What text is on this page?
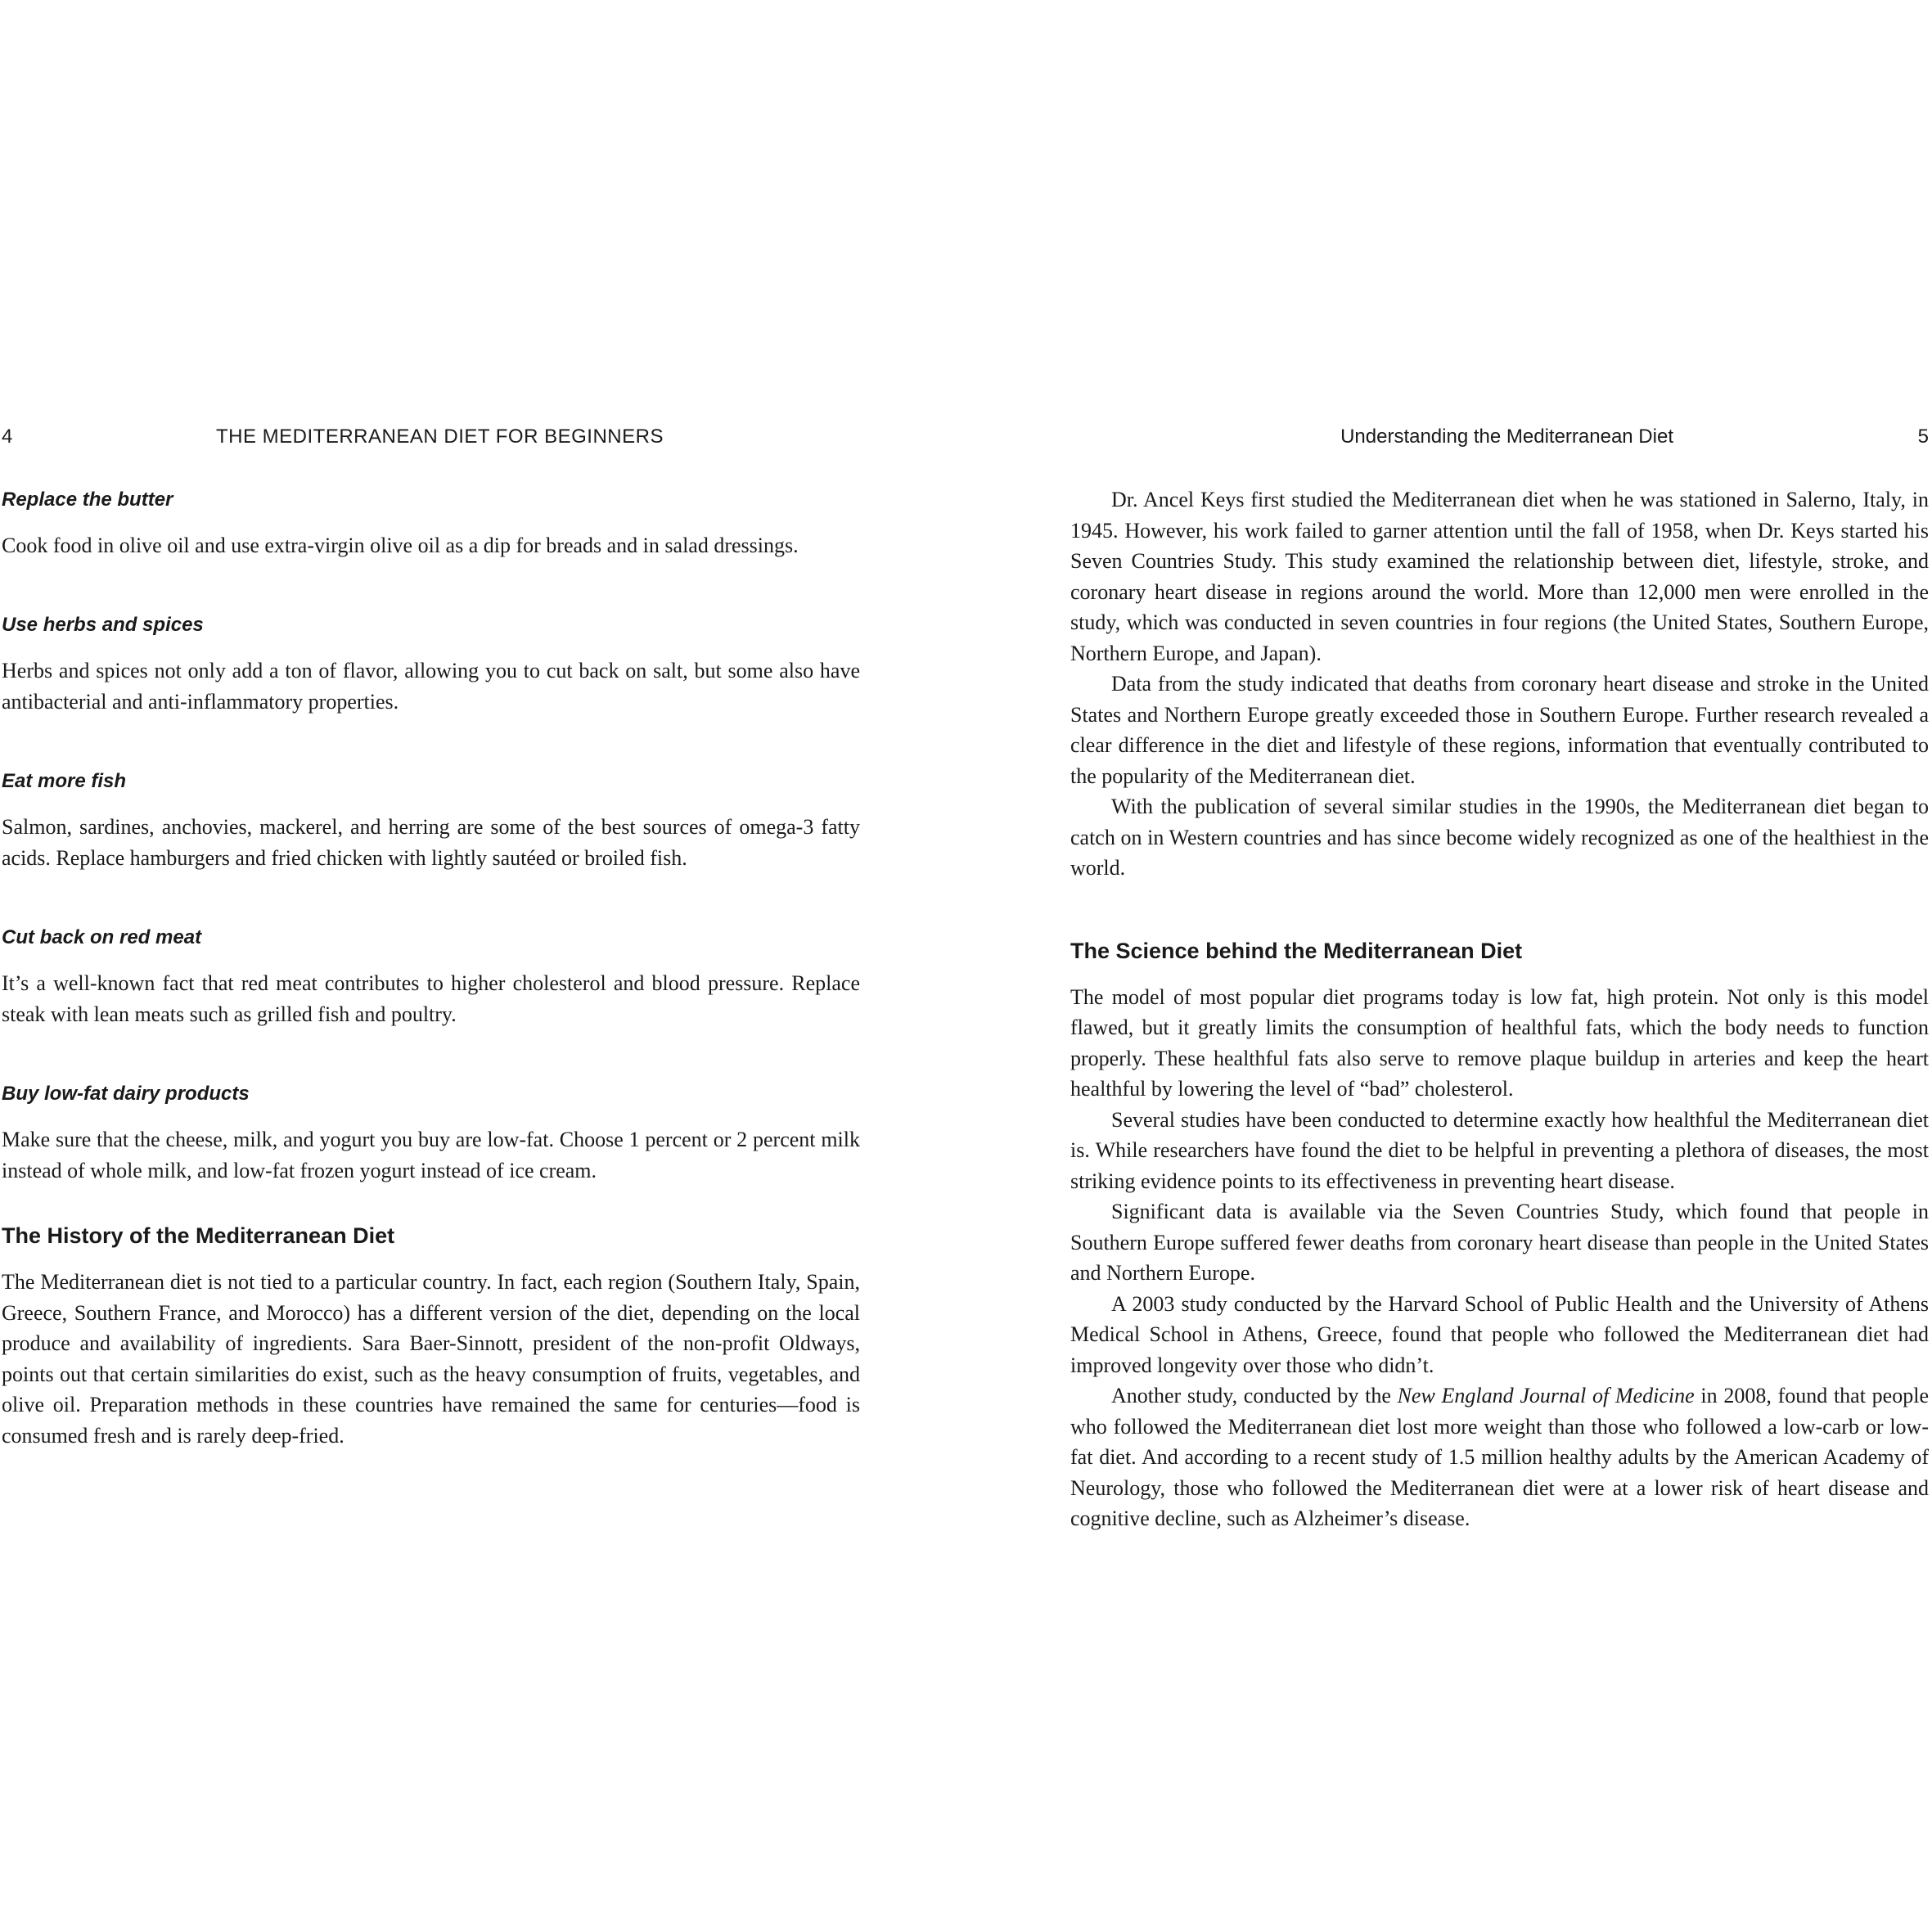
4	THE MEDITERRANEAN DIET FOR BEGINNERS
Replace the butter

Cook food in olive oil and use extra-virgin olive oil as a dip for breads and in salad dressings.

Use herbs and spices

Herbs and spices not only add a ton of flavor, allowing you to cut back on salt, but some also have antibacterial and anti-inflammatory properties.

Eat more fish

Salmon, sardines, anchovies, mackerel, and herring are some of the best sources of omega-3 fatty acids. Replace hamburgers and fried chicken with lightly sautéed or broiled fish.

Cut back on red meat

It’s a well-known fact that red meat contributes to higher cholesterol and blood pressure. Replace steak with lean meats such as grilled fish and poultry.

Buy low-fat dairy products

Make sure that the cheese, milk, and yogurt you buy are low-fat. Choose 1 percent or 2 percent milk instead of whole milk, and low-fat frozen yogurt instead of ice cream.

The History of the Mediterranean Diet

The Mediterranean diet is not tied to a particular country. In fact, each region (Southern Italy, Spain, Greece, Southern France, and Morocco) has a different version of the diet, depending on the local produce and availability of ingredients. Sara Baer-Sinnott, president of the non-profit Oldways, points out that certain similarities do exist, such as the heavy consumption of fruits, vegetables, and olive oil. Preparation methods in these countries have remained the same for centuries—food is consumed fresh and is rarely deep-fried.

Understanding the Mediterranean Diet	5

Dr. Ancel Keys first studied the Mediterranean diet when he was stationed in Salerno, Italy, in 1945. However, his work failed to garner attention until the fall of 1958, when Dr. Keys started his Seven Countries Study. This study examined the relationship between diet, lifestyle, stroke, and coronary heart disease in regions around the world. More than 12,000 men were enrolled in the study, which was conducted in seven countries in four regions (the United States, Southern Europe, Northern Europe, and Japan).

Data from the study indicated that deaths from coronary heart disease and stroke in the United States and Northern Europe greatly exceeded those in Southern Europe. Further research revealed a clear difference in the diet and lifestyle of these regions, information that eventually contributed to the popularity of the Mediterranean diet.

With the publication of several similar studies in the 1990s, the Mediterranean diet began to catch on in Western countries and has since become widely recognized as one of the healthiest in the world.

The Science behind the Mediterranean Diet

The model of most popular diet programs today is low fat, high protein. Not only is this model flawed, but it greatly limits the consumption of healthful fats, which the body needs to function properly. These healthful fats also serve to remove plaque buildup in arteries and keep the heart healthful by lowering the level of “bad” cholesterol.

Several studies have been conducted to determine exactly how healthful the Mediterranean diet is. While researchers have found the diet to be helpful in preventing a plethora of diseases, the most striking evidence points to its effectiveness in preventing heart disease.

Significant data is available via the Seven Countries Study, which found that people in Southern Europe suffered fewer deaths from coronary heart disease than people in the United States and Northern Europe.

A 2003 study conducted by the Harvard School of Public Health and the University of Athens Medical School in Athens, Greece, found that people who followed the Mediterranean diet had improved longevity over those who didn’t.

Another study, conducted by the New England Journal of Medicine in 2008, found that people who followed the Mediterranean diet lost more weight than those who followed a low-carb or low-fat diet. And according to a recent study of 1.5 million healthy adults by the American Academy of Neurology, those who followed the Mediterranean diet were at a lower risk of heart disease and cognitive decline, such as Alzheimer’s disease.
